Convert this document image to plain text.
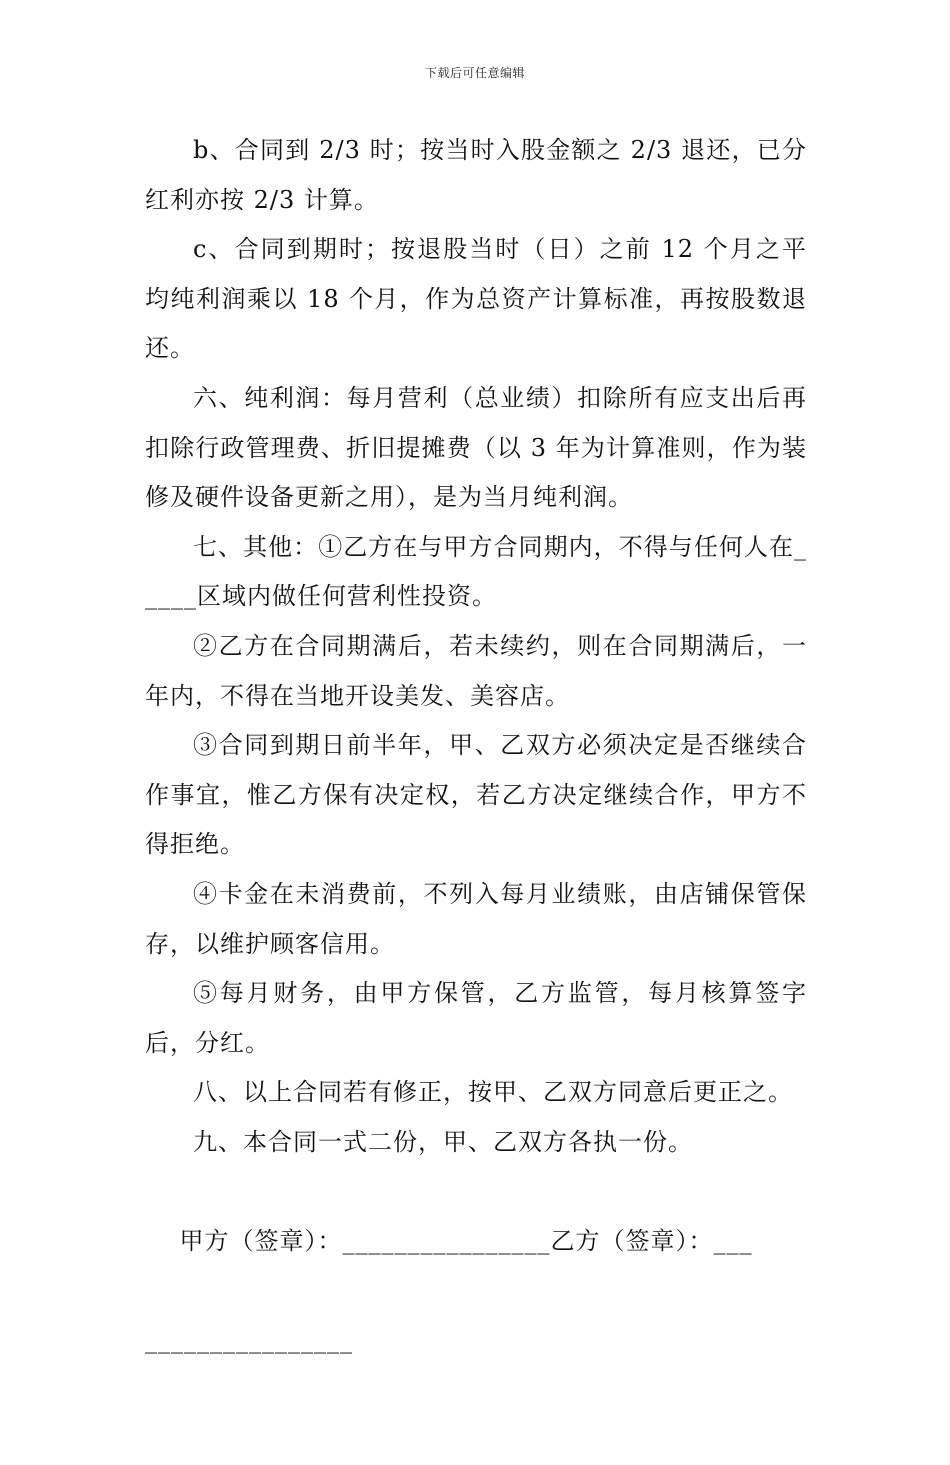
下载后可任意编辑

b、合同到 2/3 时；按当时入股金额之 2/3 退还，已分红利亦按 2/3 计算。

c、合同到期时；按退股当时（日）之前 12 个月之平均纯利润乘以 18 个月，作为总资产计算标准，再按股数退还。

六、纯利润：每月营利（总业绩）扣除所有应支出后再扣除行政管理费、折旧提摊费（以 3 年为计算准则，作为装修及硬件设备更新之用），是为当月纯利润。

七、其他：①乙方在与甲方合同期内，不得与任何人在_____区域内做任何营利性投资。

②乙方在合同期满后，若未续约，则在合同期满后，一年内，不得在当地开设美发、美容店。

③合同到期日前半年，甲、乙双方必须决定是否继续合作事宜，惟乙方保有决定权，若乙方决定继续合作，甲方不得拒绝。

④卡金在未消费前，不列入每月业绩账，由店铺保管保存，以维护顾客信用。

⑤每月财务，由甲方保管，乙方监管，每月核算签字后，分红。

八、以上合同若有修正，按甲、乙双方同意后更正之。

九、本合同一式二份，甲、乙双方各执一份。

甲方（签章）：________________乙方（签章）：___

________________
